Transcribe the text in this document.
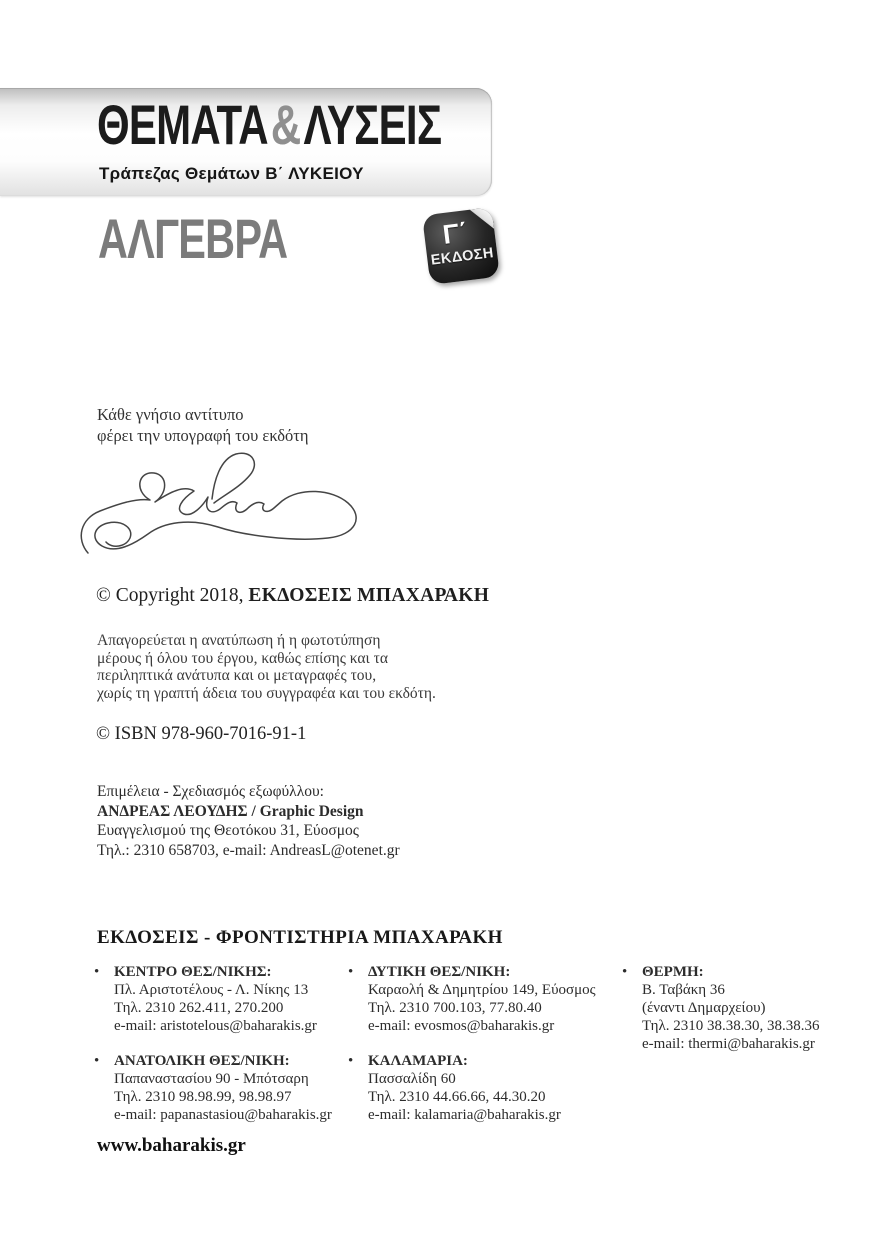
ΘΕΜΑΤΑ&ΛΥΣΕΙΣ
Τράπεζας Θεμάτων Β΄ ΛΥΚΕΙΟΥ
ΑΛΓΕΒΡΑ	Γ΄
ΕΚΔΟΣΗ
Κάθε γνήσιο αντίτυπο
φέρει την υπογραφή του εκδότη
© Copyright 2018, ΕΚΔΟΣΕΙΣ ΜΠΑΧΑΡΑΚΗ
Απαγορεύεται η ανατύπωση ή η φωτοτύπηση
μέρους ή όλου του έργου, καθώς επίσης και τα
περιληπτικά ανάτυπα και οι μεταγραφές του,
χωρίς τη γραπτή άδεια του συγγραφέα και του εκδότη.
© ISBN 978-960-7016-91-1
Επιμέλεια - Σχεδιασμός εξωφύλλου:
ΑΝΔΡΕΑΣ ΛΕΟΥΔΗΣ / Graphic Design
Ευαγγελισμού της Θεοτόκου 31, Εύοσμος
Τηλ.: 2310 658703, e-mail: AndreasL@otenet.gr
ΕΚΔΟΣΕΙΣ - ΦΡΟΝΤΙΣΤΗΡΙΑ ΜΠΑΧΑΡΑΚΗ
• ΚΕΝΤΡΟ ΘΕΣ/ΝΙΚΗΣ:
Πλ. Αριστοτέλους - Λ. Νίκης 13
Τηλ. 2310 262.411, 270.200
e-mail: aristotelous@baharakis.gr
• ΑΝΑΤΟΛΙΚΗ ΘΕΣ/ΝΙΚΗ:
Παπαναστασίου 90 - Μπότσαρη
Τηλ. 2310 98.98.99, 98.98.97
e-mail: papanastasiou@baharakis.gr
• ΔΥΤΙΚΗ ΘΕΣ/ΝΙΚΗ:
Καραολή & Δημητρίου 149, Εύοσμος
Τηλ. 2310 700.103, 77.80.40
e-mail: evosmos@baharakis.gr
• ΚΑΛΑΜΑΡΙΑ:
Πασσαλίδη 60
Τηλ. 2310 44.66.66, 44.30.20
e-mail: kalamaria@baharakis.gr
• ΘΕΡΜΗ:
Β. Ταβάκη 36
(έναντι Δημαρχείου)
Τηλ. 2310 38.38.30, 38.38.36
e-mail: thermi@baharakis.gr
www.baharakis.gr
